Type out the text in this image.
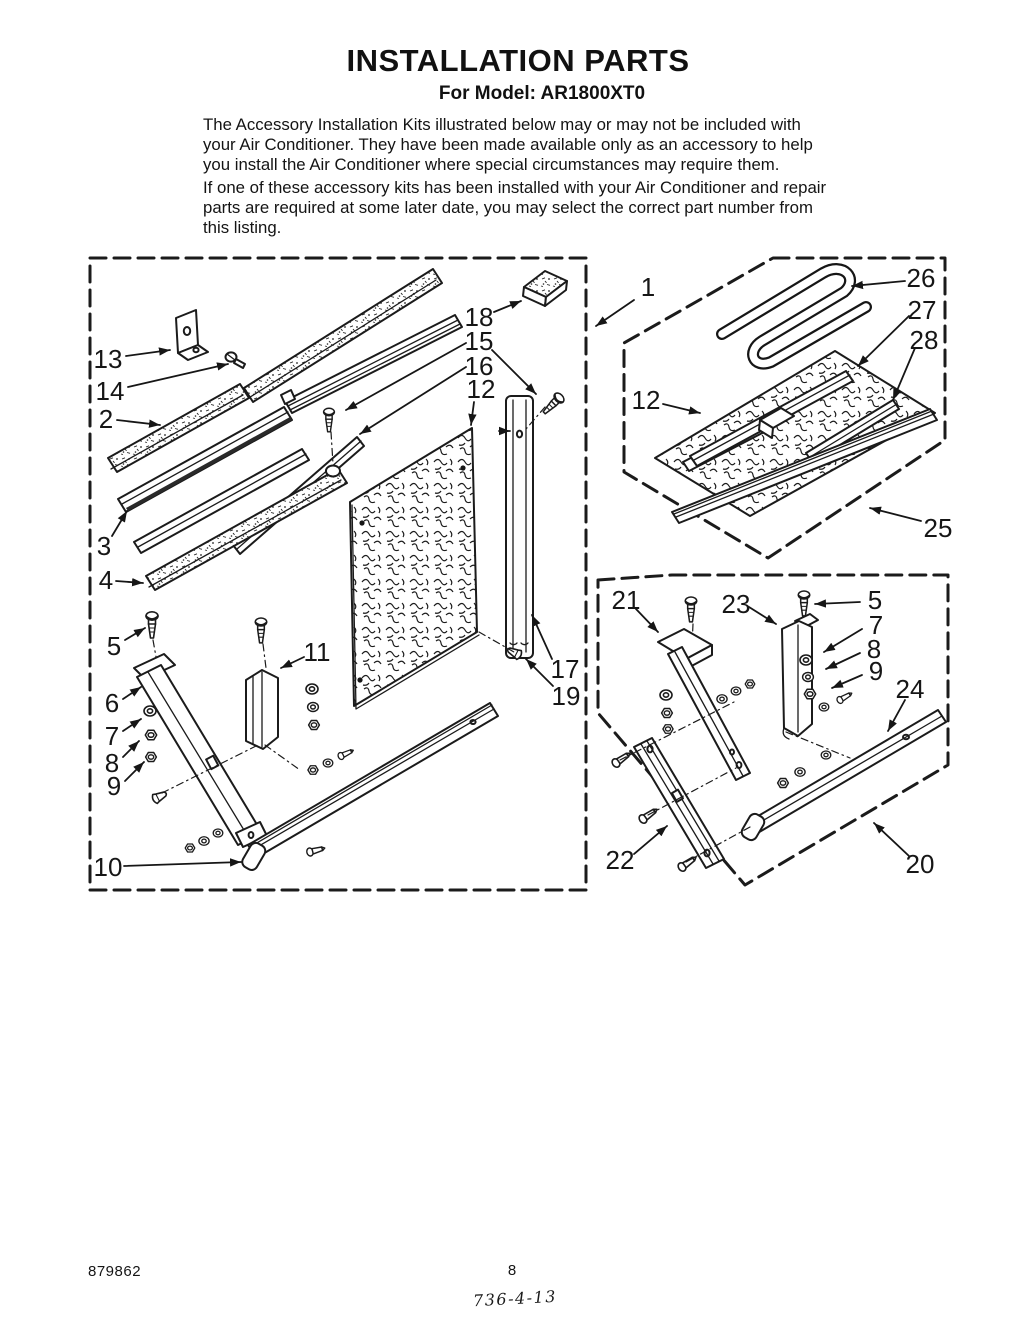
INSTALLATION PARTS
For Model: AR1800XT0

The Accessory Installation Kits illustrated below may or may not be included with your Air Conditioner. They have been made available only as an accessory to help you install the Air Conditioner where special circumstances may require them.

If one of these accessory kits has been installed with your Air Conditioner and repair parts are required at some later date, you may select the correct part number from this listing.

13
14
2
3
4
5
6
7
8
9
10
11
18
15
16
12
17
19
1	26
27
28
12
25
21	23	5
7
8
9
24
22	20
879862	8
736-4-13
